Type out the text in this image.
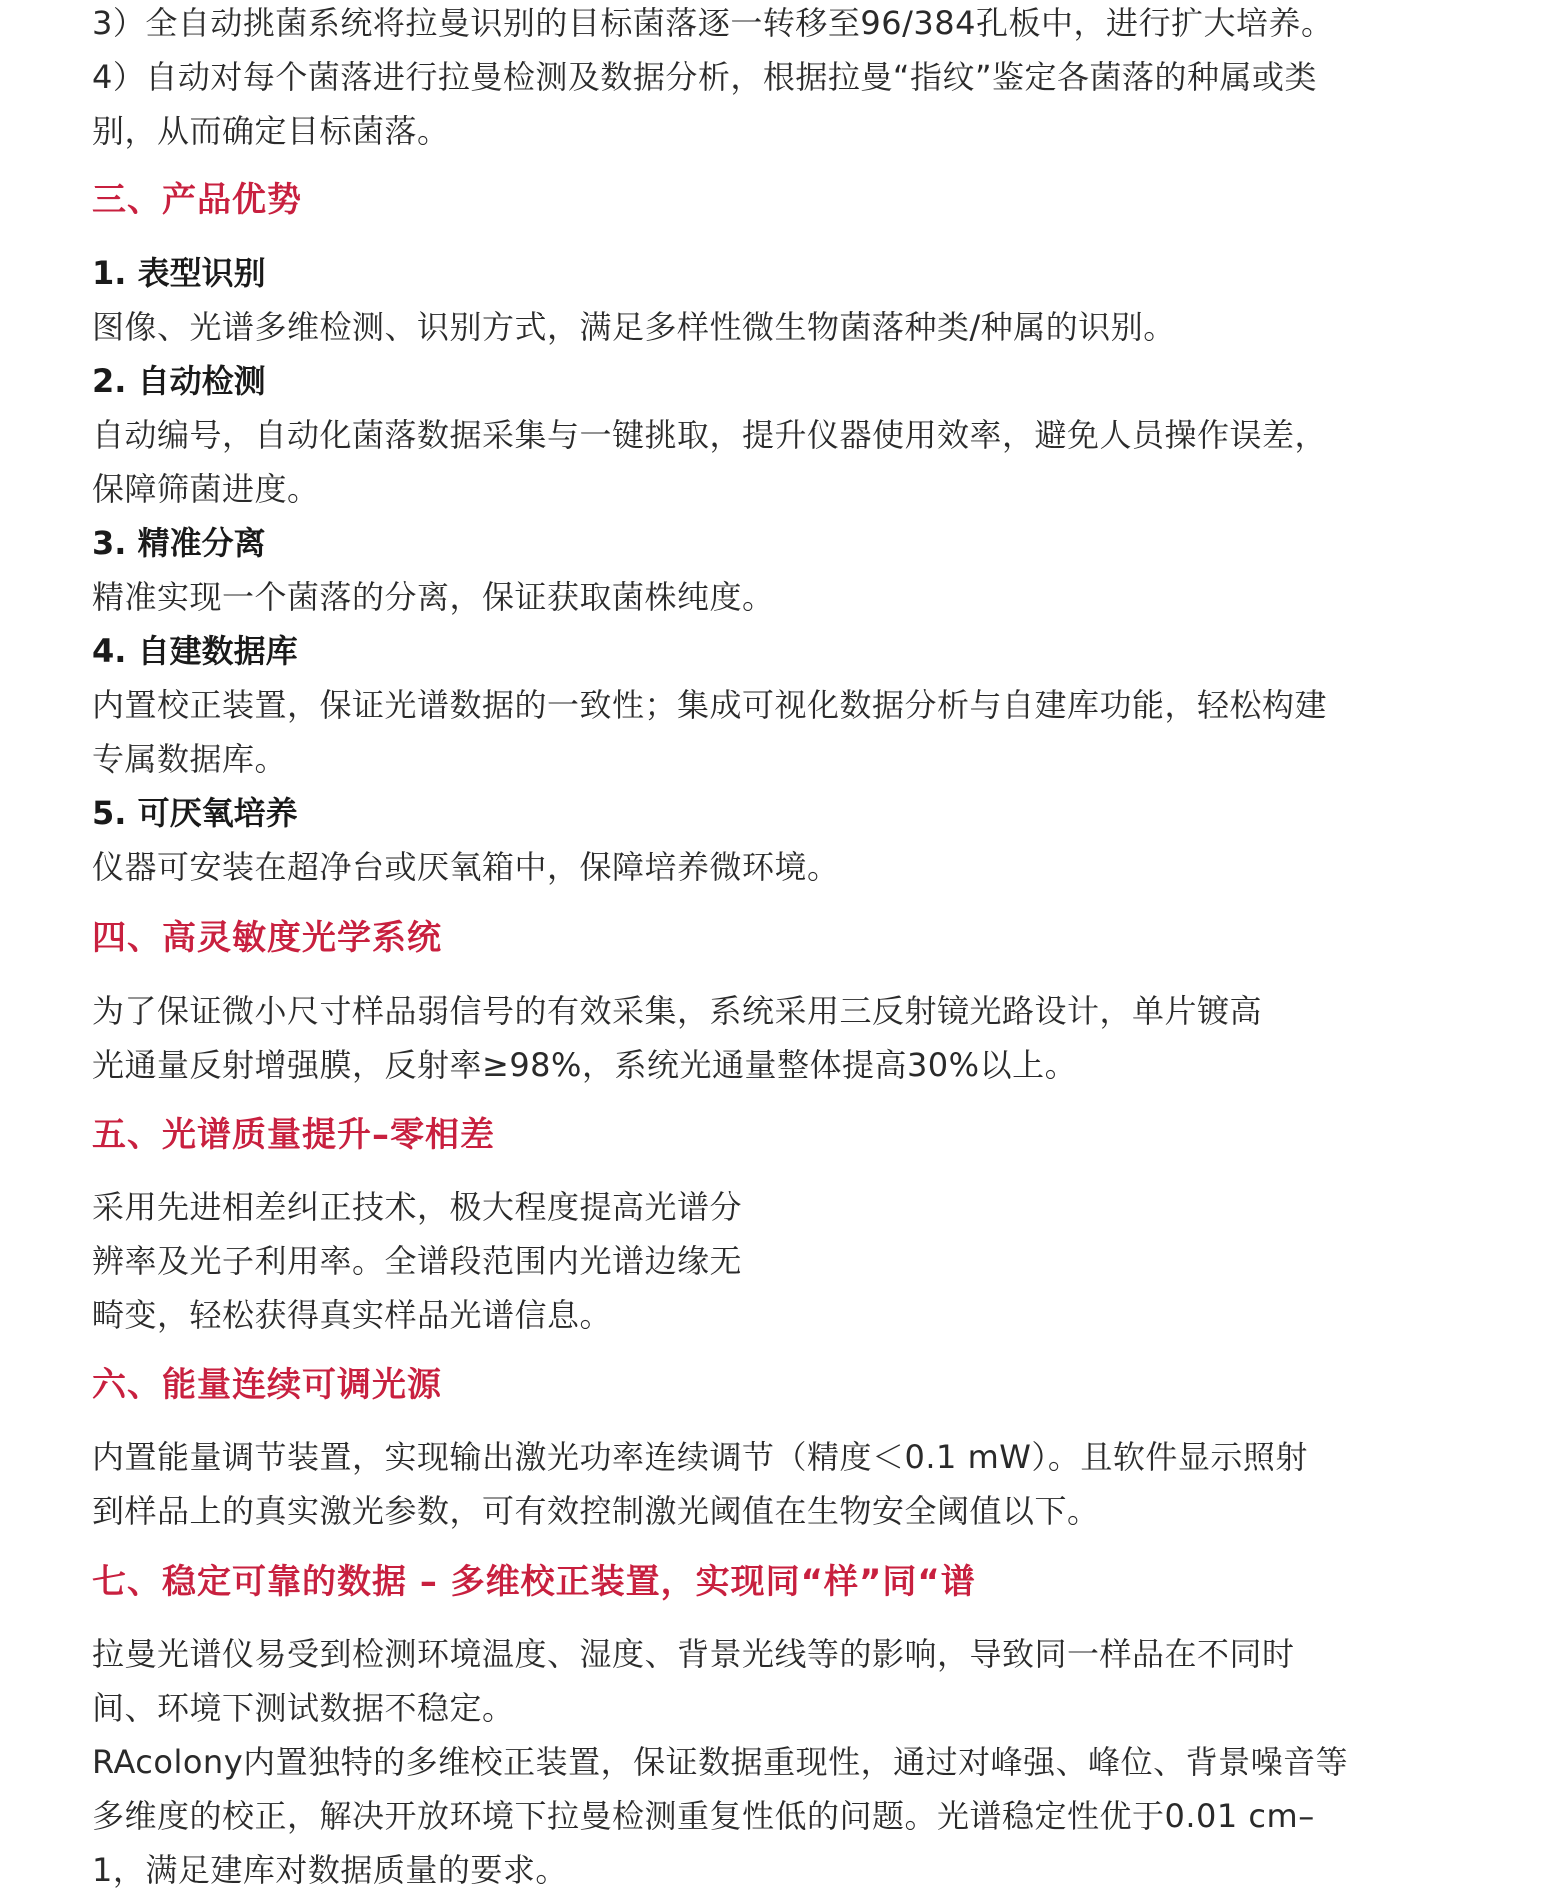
3）全自动挑菌系统将拉曼识别的目标菌落逐一转移至96/384孔板中，进行扩大培养。
4）自动对每个菌落进行拉曼检测及数据分析，根据拉曼“指纹”鉴定各菌落的种属或类
别，从而确定目标菌落。
三、产品优势
1. 表型识别
图像、光谱多维检测、识别方式，满足多样性微生物菌落种类/种属的识别。
2. 自动检测
自动编号，自动化菌落数据采集与一键挑取，提升仪器使用效率，避免人员操作误差，
保障筛菌进度。
3. 精准分离
精准实现一个菌落的分离，保证获取菌株纯度。
4. 自建数据库
内置校正装置，保证光谱数据的一致性；集成可视化数据分析与自建库功能，轻松构建
专属数据库。
5. 可厌氧培养
仪器可安装在超净台或厌氧箱中，保障培养微环境。
四、高灵敏度光学系统
为了保证微小尺寸样品弱信号的有效采集，系统采用三反射镜光路设计，单片镀高
光通量反射增强膜，反射率≥98%，系统光通量整体提高30%以上。
五、光谱质量提升–零相差
采用先进相差纠正技术，极大程度提高光谱分
辨率及光子利用率。全谱段范围内光谱边缘无
畸变，轻松获得真实样品光谱信息。
六、能量连续可调光源
内置能量调节装置，实现输出激光功率连续调节（精度＜0.1 mW）。且软件显示照射
到样品上的真实激光参数，可有效控制激光阈值在生物安全阈值以下。
七、稳定可靠的数据 – 多维校正装置，实现同“样”同“谱
拉曼光谱仪易受到检测环境温度、湿度、背景光线等的影响，导致同一样品在不同时
间、环境下测试数据不稳定。
RAcolony内置独特的多维校正装置，保证数据重现性，通过对峰强、峰位、背景噪音等
多维度的校正，解决开放环境下拉曼检测重复性低的问题。光谱稳定性优于0.01 cm–
1，满足建库对数据质量的要求。
